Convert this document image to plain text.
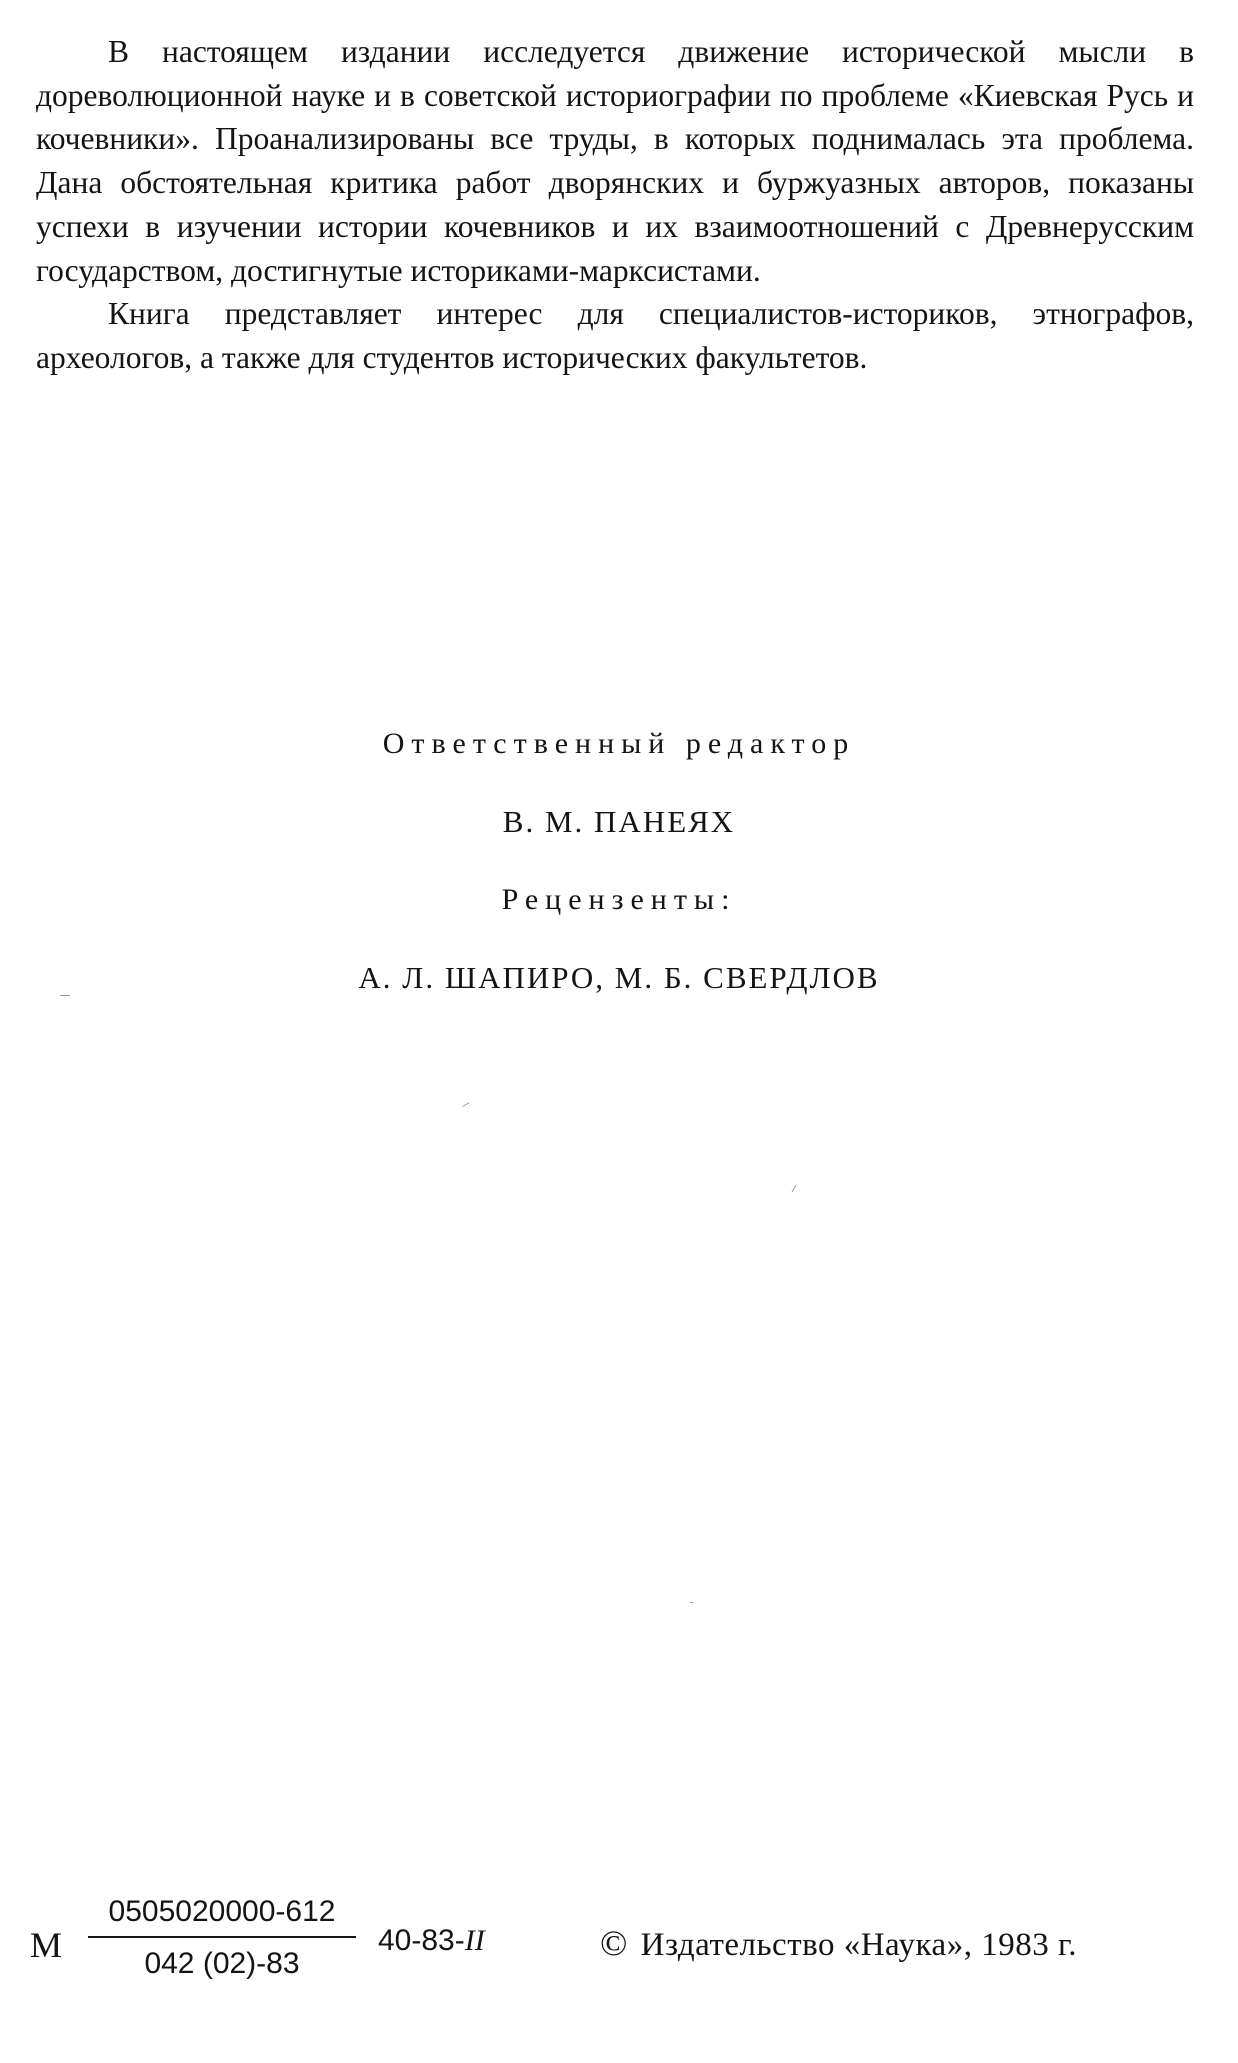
В настоящем издании исследуется движение исторической мысли в дореволюционной науке и в советской историографии по проблеме «Киевская Русь и кочевники». Проанализированы все труды, в которых поднималась эта проблема. Дана обстоятельная критика работ дворянских и буржуазных авторов, показаны успехи в изучении истории кочевников и их взаимоотношений с Древнерусским государством, достигнутые историками-марксистами.

Книга представляет интерес для специалистов-историков, этнографов, археологов, а также для студентов исторических факультетов.

Ответственный редактор
В. М. ПАНЕЯХ
Рецензенты:
А. Л. ШАПИРО, М. Б. СВЕРДЛОВ
М
0505020000-612
042 (02)-83
40-83-II	© Издательство «Наука», 1983 г.
